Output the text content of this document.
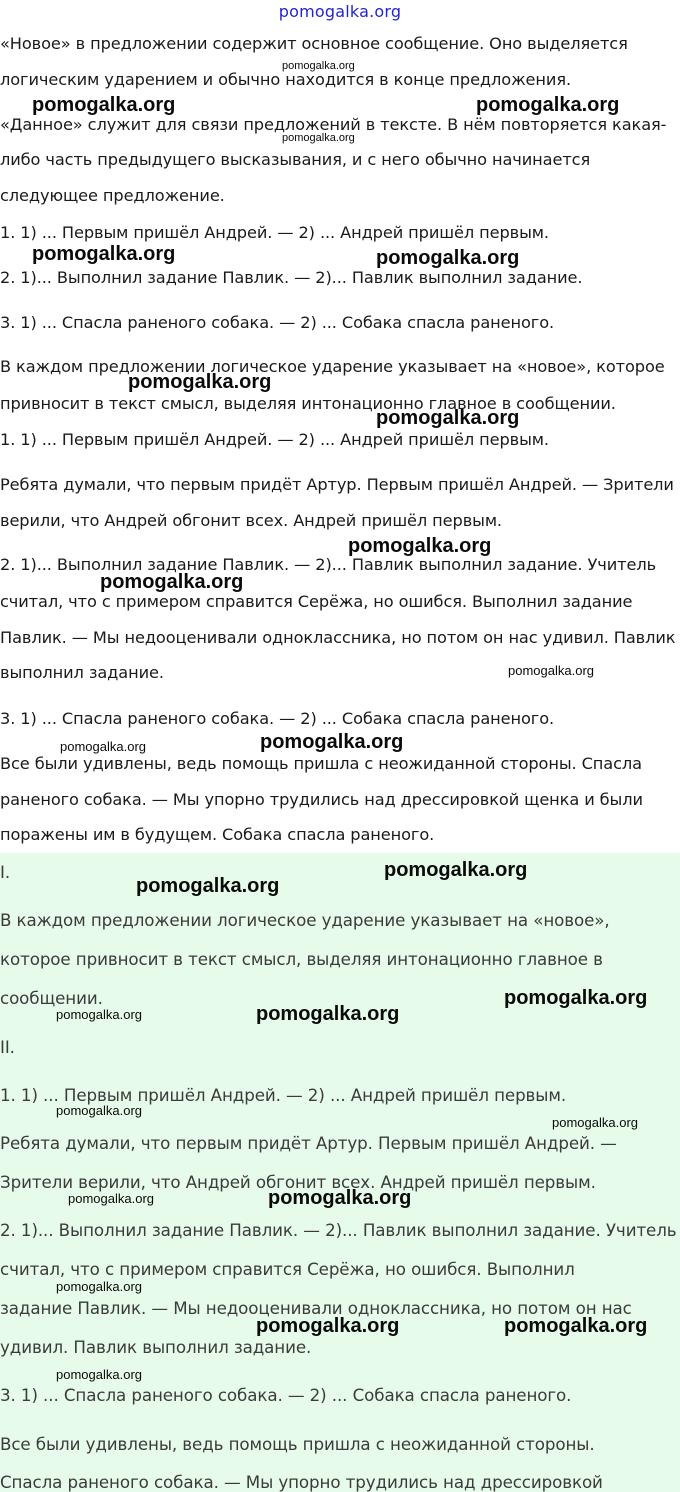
pomogalka.org
«Новое» в предложении содержит основное сообщение. Оно выделяется
логическим ударением и обычно находится в конце предложения.
«Данное» служит для связи предложений в тексте. В нём повторяется какая-
либо часть предыдущего высказывания, и с него обычно начинается
следующее предложение.
1. 1) ... Первым пришёл Андрей. — 2) ... Андрей пришёл первым.
2. 1)... Выполнил задание Павлик. — 2)... Павлик выполнил задание.
3. 1) ... Спасла раненого собака. — 2) ... Собака спасла раненого.
В каждом предложении логическое ударение указывает на «новое», которое
привносит в текст смысл, выделяя интонационно главное в сообщении.
1. 1) ... Первым пришёл Андрей. — 2) ... Андрей пришёл первым.
Ребята думали, что первым придёт Артур. Первым пришёл Андрей. — Зрители
верили, что Андрей обгонит всех. Андрей пришёл первым.
2. 1)... Выполнил задание Павлик. — 2)... Павлик выполнил задание. Учитель
считал, что с примером справится Серёжа, но ошибся. Выполнил задание
Павлик. — Мы недооценивали одноклассника, но потом он нас удивил. Павлик
выполнил задание.
3. 1) ... Спасла раненого собака. — 2) ... Собака спасла раненого.
Все были удивлены, ведь помощь пришла с неожиданной стороны. Спасла
раненого собака. — Мы упорно трудились над дрессировкой щенка и были
поражены им в будущем. Собака спасла раненого.
I.
В каждом предложении логическое ударение указывает на «новое»,
которое привносит в текст смысл, выделяя интонационно главное в
сообщении.
II.
1. 1) ... Первым пришёл Андрей. — 2) ... Андрей пришёл первым.
Ребята думали, что первым придёт Артур. Первым пришёл Андрей. —
Зрители верили, что Андрей обгонит всех. Андрей пришёл первым.
2. 1)... Выполнил задание Павлик. — 2)... Павлик выполнил задание. Учитель
считал, что с примером справится Серёжа, но ошибся. Выполнил
задание Павлик. — Мы недооценивали одноклассника, но потом он нас
удивил. Павлик выполнил задание.
3. 1) ... Спасла раненого собака. — 2) ... Собака спасла раненого.
Все были удивлены, ведь помощь пришла с неожиданной стороны.
Спасла раненого собака. — Мы упорно трудились над дрессировкой
pomogalka.org
pomogalka.org	pomogalka.org
pomogalka.org
pomogalka.org	pomogalka.org
pomogalka.org
pomogalka.org
pomogalka.org
pomogalka.org
pomogalka.org
pomogalka.org	pomogalka.org
pomogalka.org
pomogalka.org
pomogalka.org
pomogalka.org	pomogalka.org
pomogalka.org
pomogalka.org
pomogalka.org	pomogalka.org
pomogalka.org
pomogalka.org	pomogalka.org
pomogalka.org
